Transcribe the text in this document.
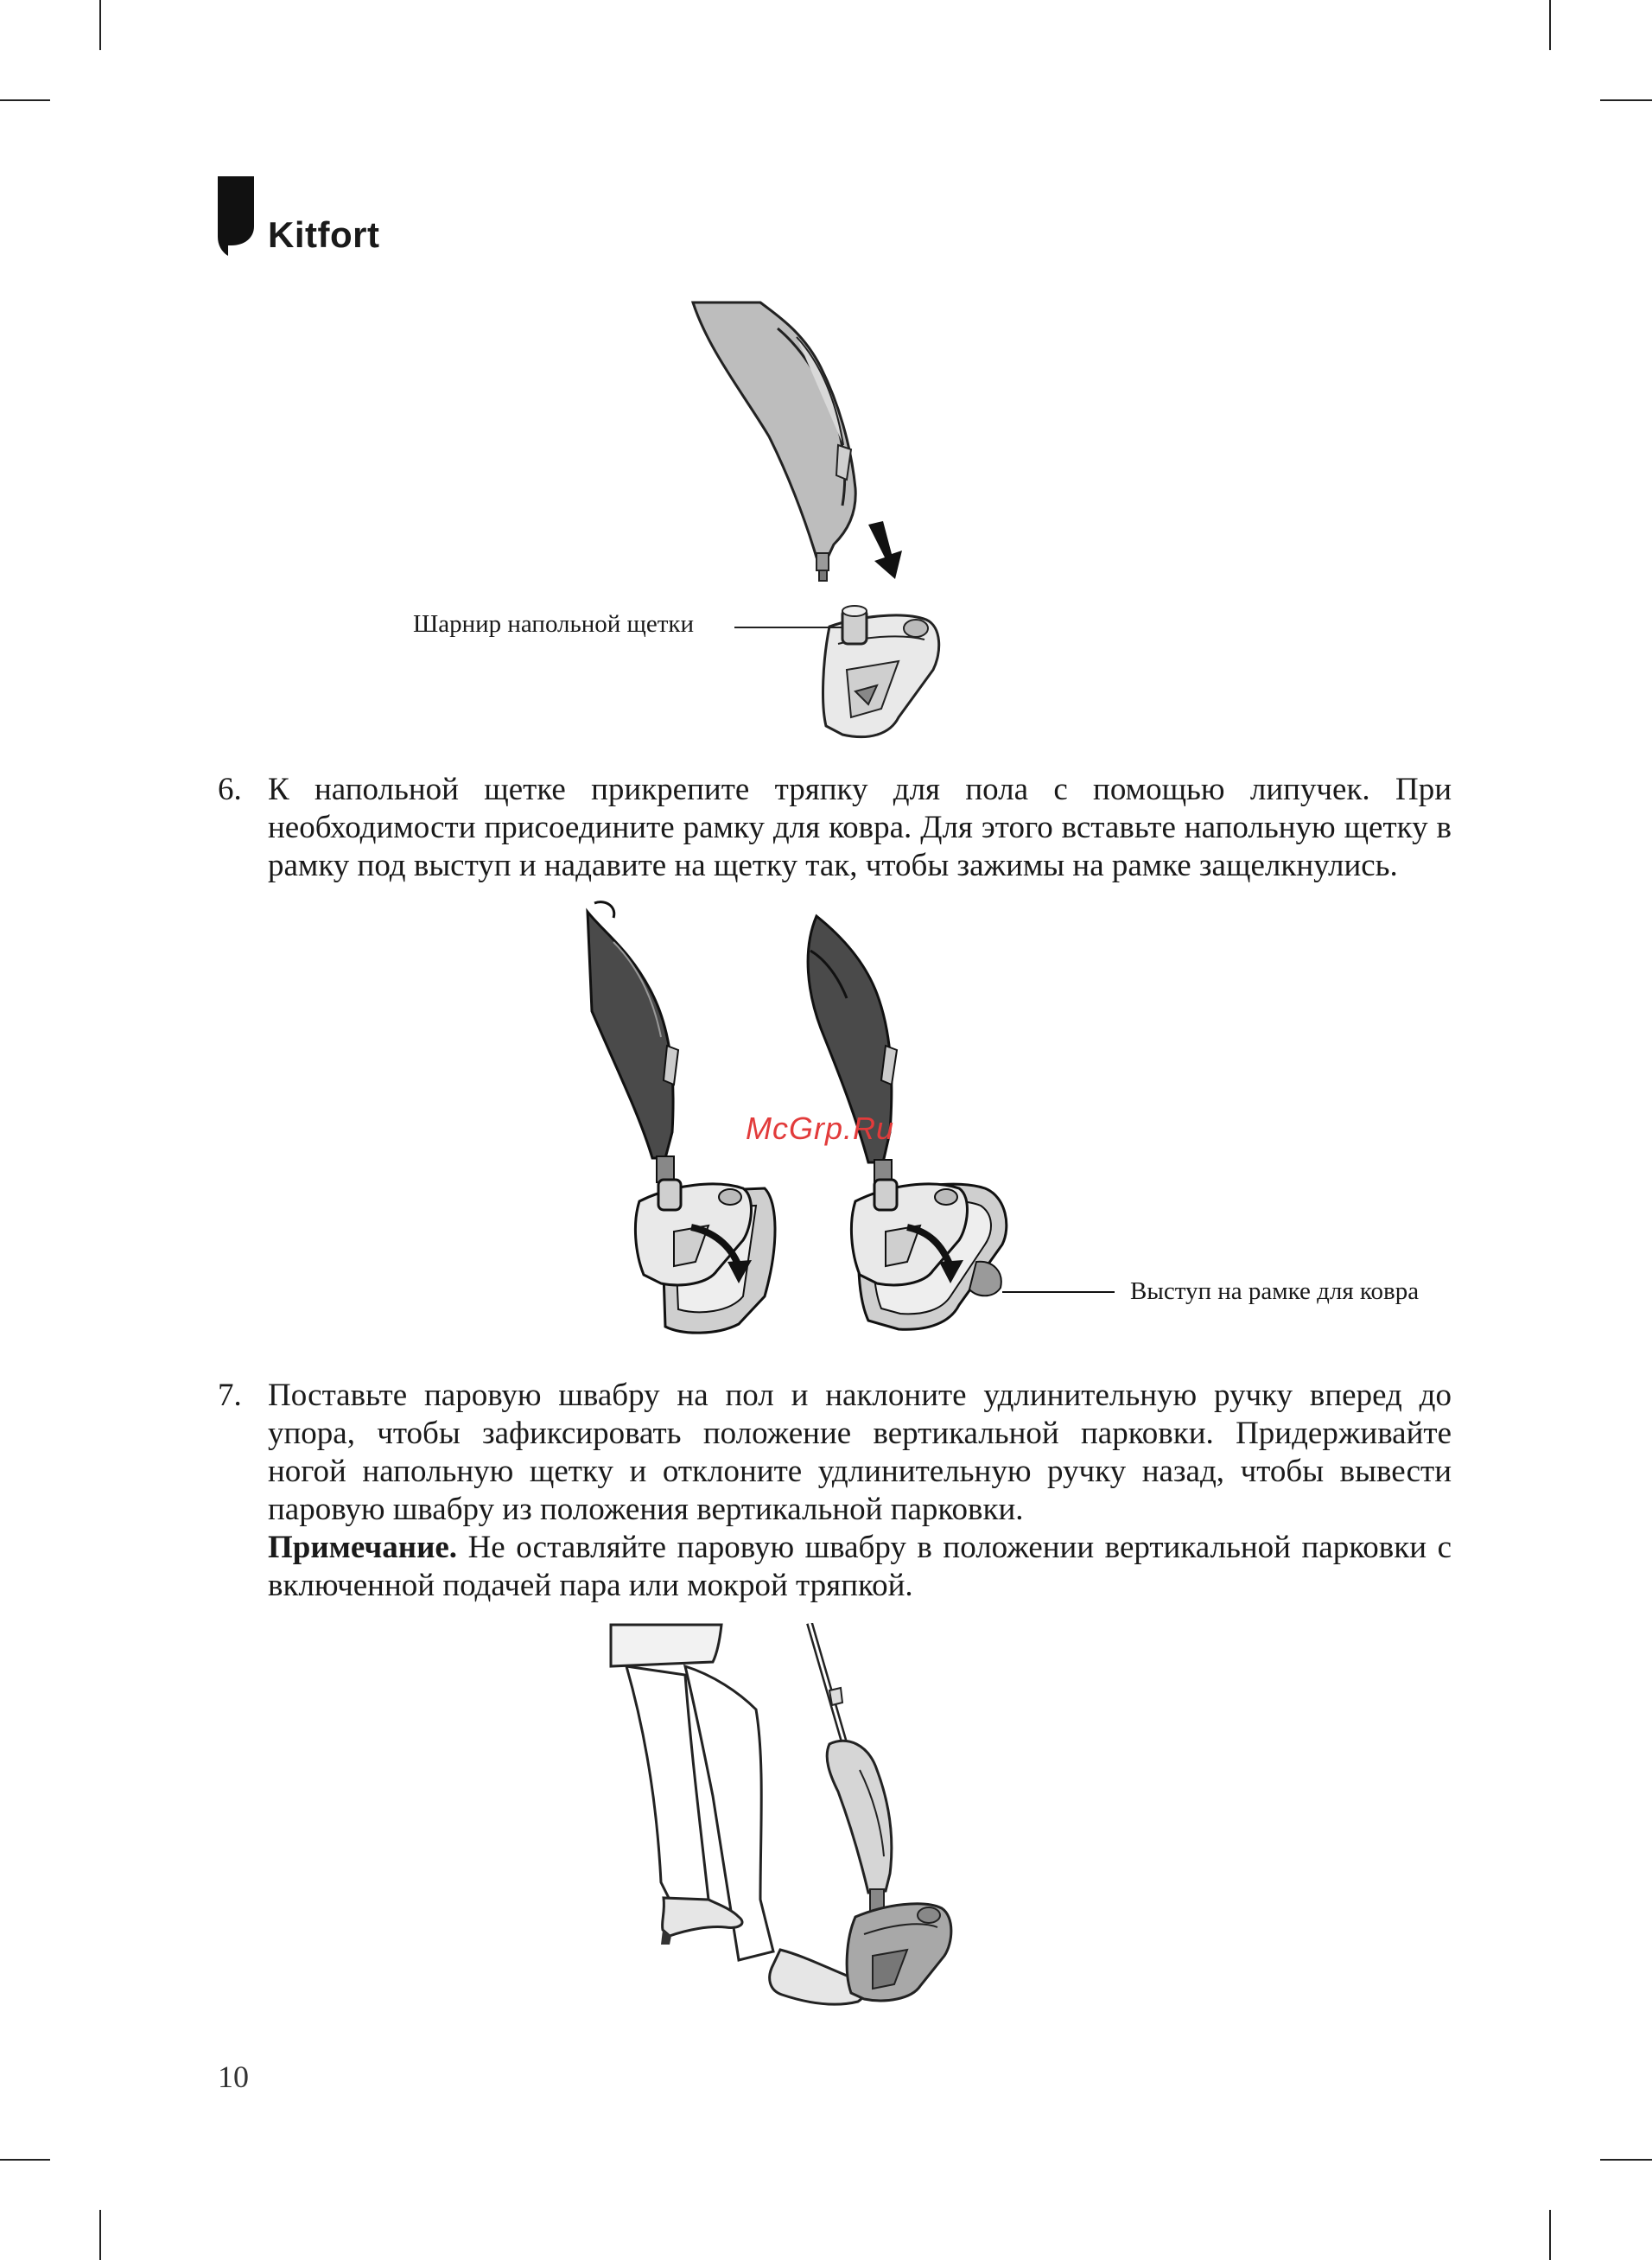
Kitfort
Шарнир напольной щетки
6. К напольной щетке прикрепите тряпку для пола с помощью липучек. При необходимости присоедините рамку для ковра. Для этого вставьте напольную щетку в рамку под выступ и надавите на щетку так, чтобы зажимы на рамке защелкнулись.

Выступ на рамке для ковра
McGrp.Ru
7. Поставьте паровую швабру на пол и наклоните удлинительную ручку вперед до упора, чтобы зафиксировать положение вертикальной парковки. Придерживайте ногой напольную щетку и отклоните удлинительную ручку назад, чтобы вывести паровую швабру из положения вертикальной парковки.

Примечание. Не оставляйте паровую швабру в положении вертикальной парковки с включенной подачей пара или мокрой тряпкой.

10
